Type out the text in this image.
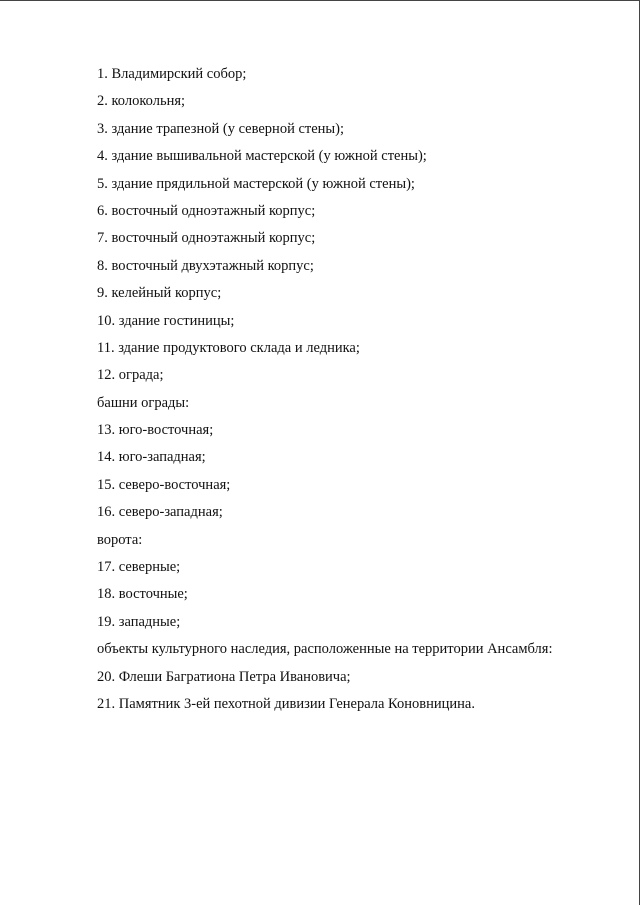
1. Владимирский собор;
2. колокольня;
3. здание трапезной (у северной стены);
4. здание вышивальной мастерской (у южной стены);
5. здание прядильной мастерской (у южной стены);
6. восточный одноэтажный корпус;
7. восточный одноэтажный корпус;
8. восточный двухэтажный корпус;
9. келейный корпус;
10. здание гостиницы;
11. здание продуктового склада и ледника;
12. ограда;
башни ограды:
13. юго-восточная;
14. юго-западная;
15. северо-восточная;
16. северо-западная;
ворота:
17. северные;
18. восточные;
19. западные;
объекты культурного наследия, расположенные на территории Ансамбля:
20. Флеши Багратиона Петра Ивановича;
21. Памятник 3-ей пехотной дивизии Генерала Коновницина.
